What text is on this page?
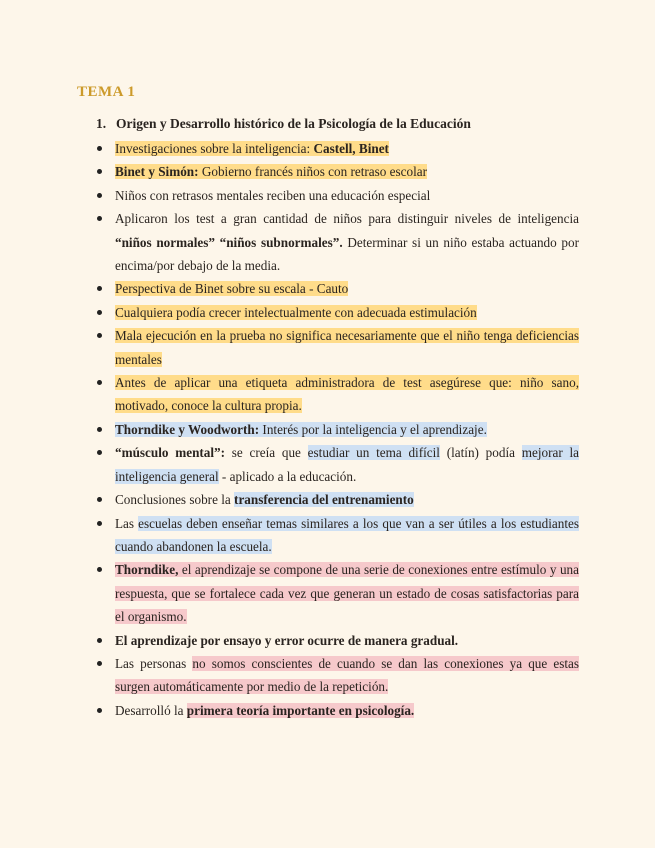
TEMA 1
1. Origen y Desarrollo histórico de la Psicología de la Educación
Investigaciones sobre la inteligencia: Castell, Binet
Binet y Simón: Gobierno francés niños con retraso escolar
Niños con retrasos mentales reciben una educación especial
Aplicaron los test a gran cantidad de niños para distinguir niveles de inteligencia “niños normales” “niños subnormales”. Determinar si un niño estaba actuando por encima/por debajo de la media.
Perspectiva de Binet sobre su escala - Cauto
Cualquiera podía crecer intelectualmente con adecuada estimulación
Mala ejecución en la prueba no significa necesariamente que el niño tenga deficiencias mentales
Antes de aplicar una etiqueta administradora de test asegúrese que: niño sano, motivado, conoce la cultura propia.
Thorndike y Woodworth: Interés por la inteligencia y el aprendizaje.
“músculo mental”: se creía que estudiar un tema difícil (latín) podía mejorar la inteligencia general - aplicado a la educación.
Conclusiones sobre la transferencia del entrenamiento
Las escuelas deben enseñar temas similares a los que van a ser útiles a los estudiantes cuando abandonen la escuela.
Thorndike, el aprendizaje se compone de una serie de conexiones entre estímulo y una respuesta, que se fortalece cada vez que generan un estado de cosas satisfactorias para el organismo.
El aprendizaje por ensayo y error ocurre de manera gradual.
Las personas no somos conscientes de cuando se dan las conexiones ya que estas surgen automáticamente por medio de la repetición.
Desarrolló la primera teoría importante en psicología.
